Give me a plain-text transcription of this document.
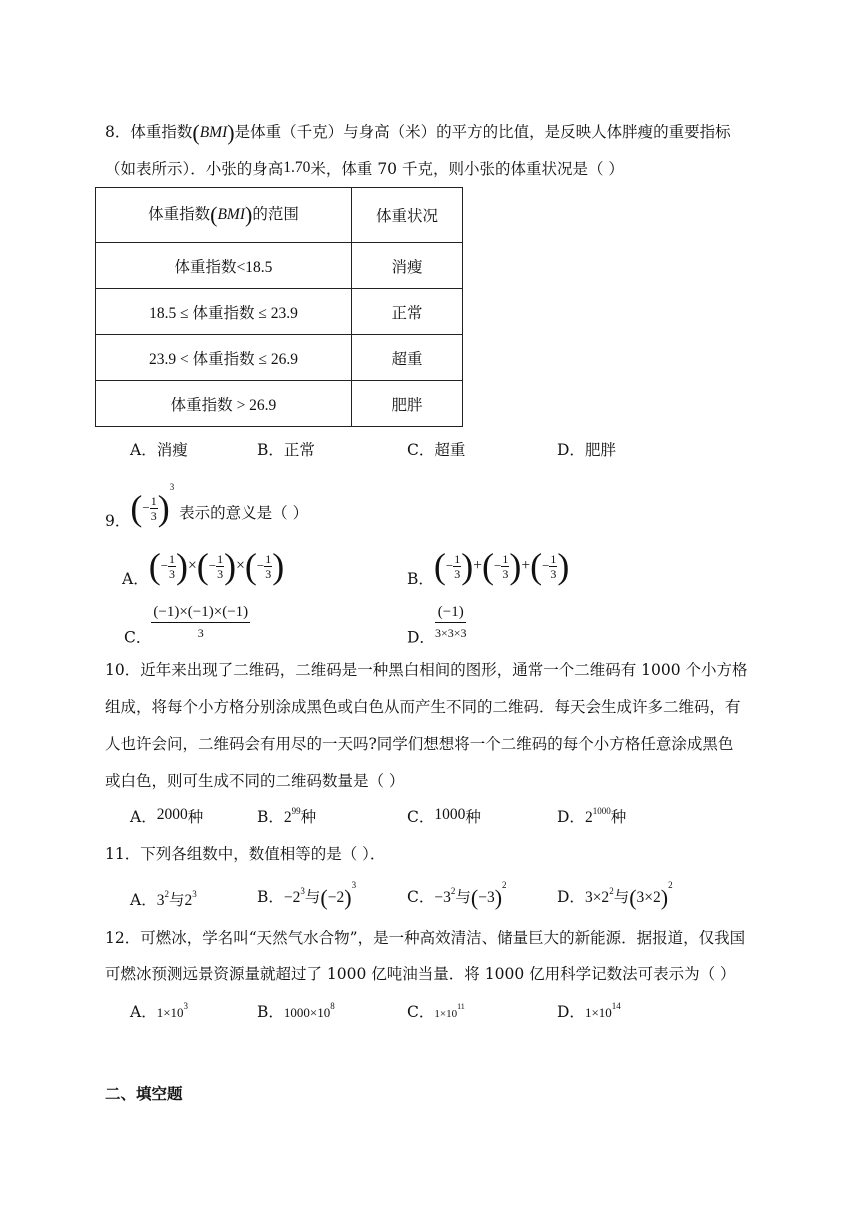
8．体重指数(BMI)是体重（千克）与身高（米）的平方的比值，是反映人体胖瘦的重要指标
（如表所示）．小张的身高1.70米，体重 70 千克，则小张的体重状况是（ ）
体重指数(BMI)的范围	体重状况
体重指数<18.5	消瘦
18.5 ≤ 体重指数 ≤ 23.9	正常
23.9 < 体重指数 ≤ 26.9	超重
体重指数 > 26.9	肥胖
A．消瘦	B．正常	C．超重	D．肥胖
9．(− $\frac{1}{3} )^3$ 表示的意义是（ ）
A．(− $\frac{1}{3}$ )×(− $\frac{1}{3}$ )×(− $\frac{1}{3}$ )	B．(− $\frac{1}{3}$ )+(− $\frac{1}{3}$ )+(− $\frac{1}{3}$ )
C． $\frac{(-1)\times(-1)\times(-1)}{3}$	D． $\frac{(-1)}{3\times 3\times 3}$
10．近年来出现了二维码，二维码是一种黑白相间的图形，通常一个二维码有 1000 个小方格
组成，将每个小方格分别涂成黑色或白色从而产生不同的二维码．每天会生成许多二维码，有
人也许会问，二维码会有用尽的一天吗?同学们想想将一个二维码的每个小方格任意涂成黑色
或白色，则可生成不同的二维码数量是（ ）
A．2000种	B．$2^{99}$种	C．1000种	D．$2^{1000}$种
11．下列各组数中，数值相等的是（ ）．
A．$3^2$与$2^3$	B．$-2^3$与$(-2)^3$
C．$-3^2$与$(-3)^2$
D．$3\times 2^2$与$(3\times 2)^2$
12．可燃冰，学名叫“天然气水合物”，是一种高效清洁、储量巨大的新能源．据报道，仅我国
可燃冰预测远景资源量就超过了 1000 亿吨油当量．将 1000 亿用科学记数法可表示为（ ）
A．$1\times 10^3$	B．$1000\times 10^8$	C．$1\times 10^{11}$	D．$1\times 10^{14}$
二、填空题
